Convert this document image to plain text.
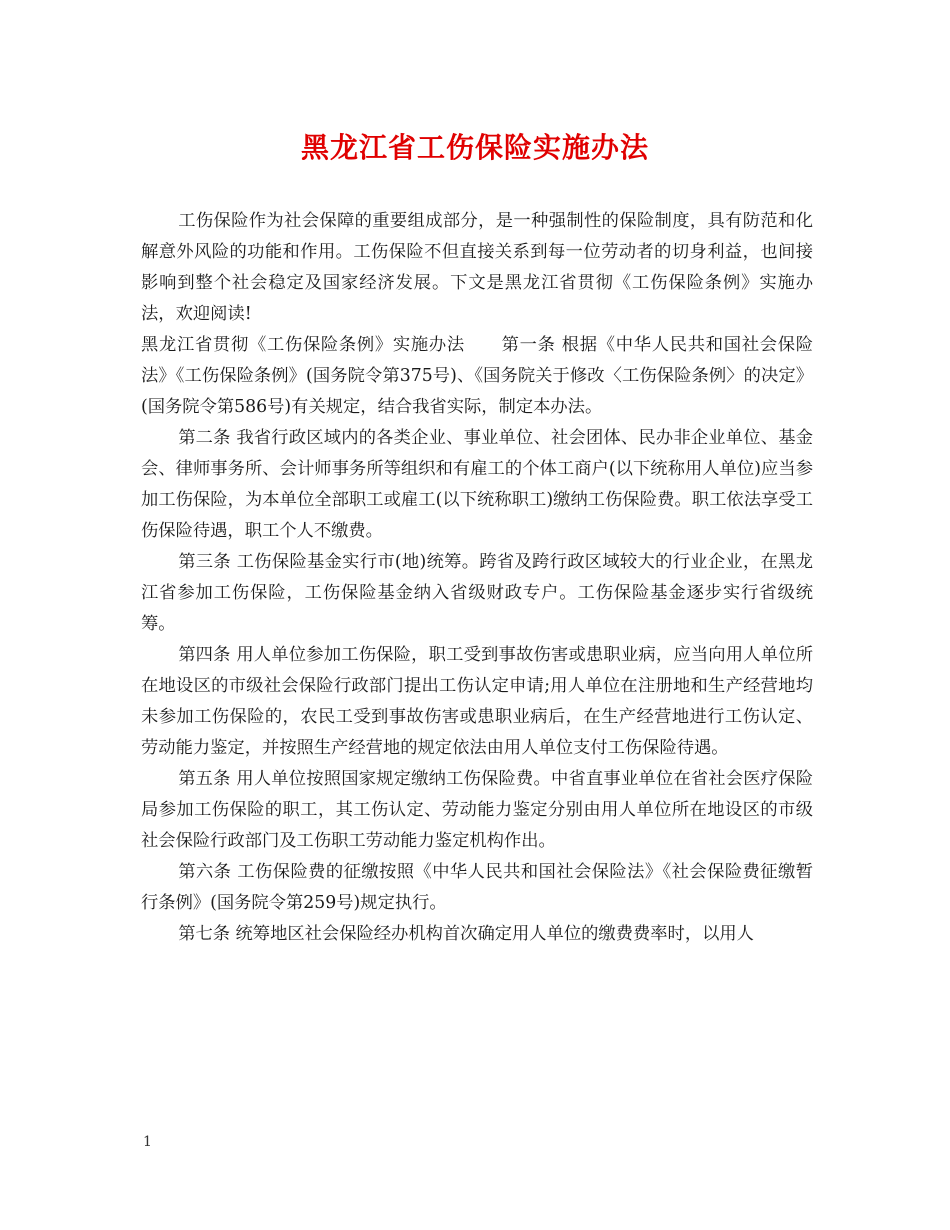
黑龙江省工伤保险实施办法

工伤保险作为社会保障的重要组成部分，是一种强制性的保险制度，具有防范和化解意外风险的功能和作用。工伤保险不但直接关系到每一位劳动者的切身利益，也间接影响到整个社会稳定及国家经济发展。下文是黑龙江省贯彻《工伤保险条例》实施办法，欢迎阅读!

黑龙江省贯彻《工伤保险条例》实施办法 第一条 根据《中华人民共和国社会保险法》《工伤保险条例》(国务院令第375号)、《国务院关于修改〈工伤保险条例〉的决定》(国务院令第586号)有关规定，结合我省实际，制定本办法。

第二条 我省行政区域内的各类企业、事业单位、社会团体、民办非企业单位、基金会、律师事务所、会计师事务所等组织和有雇工的个体工商户(以下统称用人单位)应当参加工伤保险，为本单位全部职工或雇工(以下统称职工)缴纳工伤保险费。职工依法享受工伤保险待遇，职工个人不缴费。

第三条 工伤保险基金实行市(地)统筹。跨省及跨行政区域较大的行业企业，在黑龙江省参加工伤保险，工伤保险基金纳入省级财政专户。工伤保险基金逐步实行省级统筹。

第四条 用人单位参加工伤保险，职工受到事故伤害或患职业病，应当向用人单位所在地设区的市级社会保险行政部门提出工伤认定申请;用人单位在注册地和生产经营地均未参加工伤保险的，农民工受到事故伤害或患职业病后，在生产经营地进行工伤认定、劳动能力鉴定，并按照生产经营地的规定依法由用人单位支付工伤保险待遇。

第五条 用人单位按照国家规定缴纳工伤保险费。中省直事业单位在省社会医疗保险局参加工伤保险的职工，其工伤认定、劳动能力鉴定分别由用人单位所在地设区的市级社会保险行政部门及工伤职工劳动能力鉴定机构作出。

第六条 工伤保险费的征缴按照《中华人民共和国社会保险法》《社会保险费征缴暂行条例》(国务院令第259号)规定执行。

第七条 统筹地区社会保险经办机构首次确定用人单位的缴费费率时，以用人

1
